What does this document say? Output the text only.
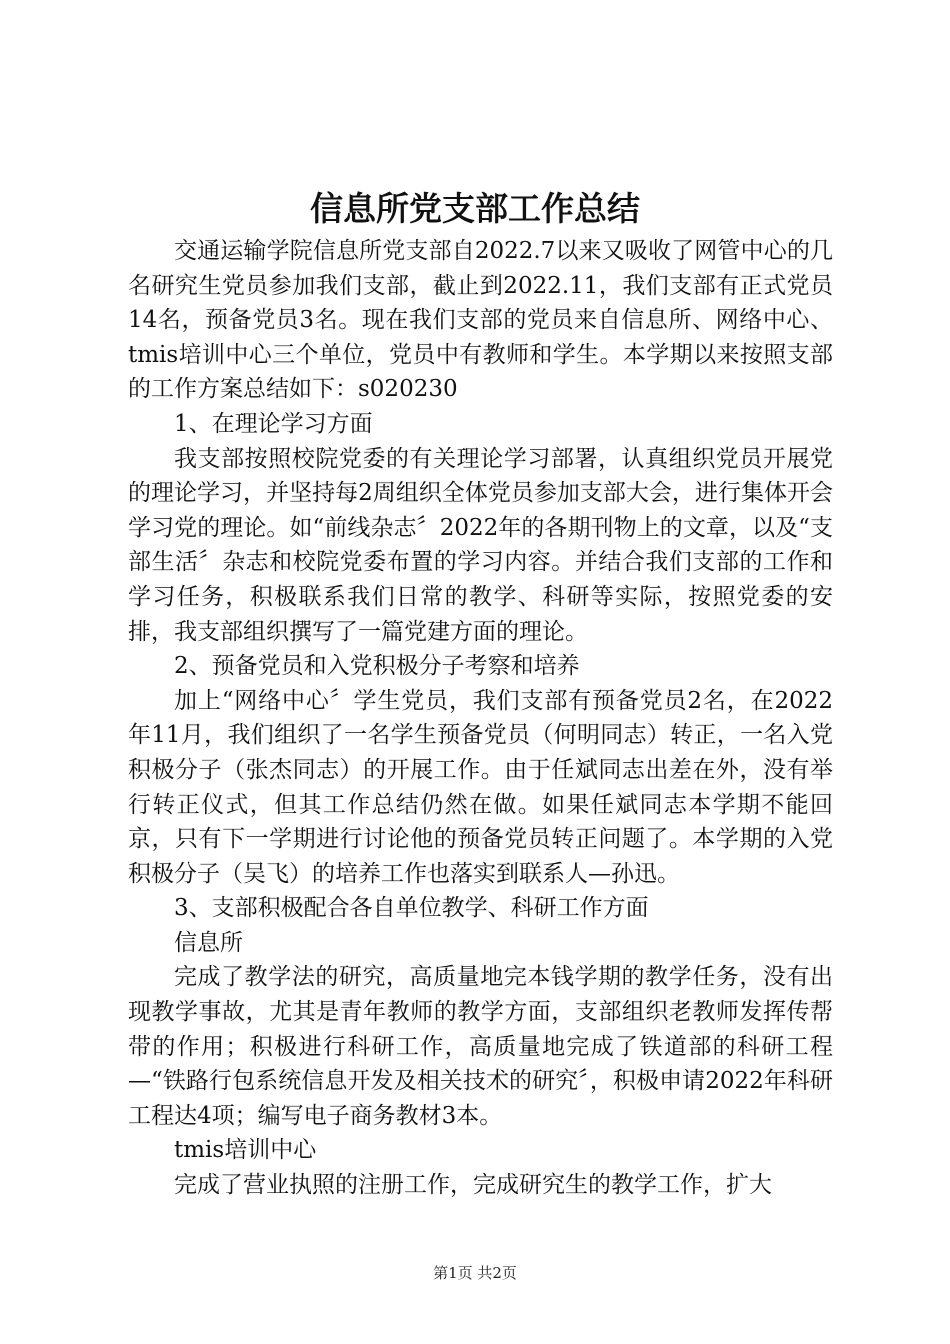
信息所党支部工作总结

交通运输学院信息所党支部自2022.7以来又吸收了网管中心的几名研究生党员参加我们支部，截止到2022.11，我们支部有正式党员14名，预备党员3名。现在我们支部的党员来自信息所、网络中心、tmis培训中心三个单位，党员中有教师和学生。本学期以来按照支部的工作方案总结如下：s020230

1、在理论学习方面

我支部按照校院党委的有关理论学习部署，认真组织党员开展党的理论学习，并坚持每2周组织全体党员参加支部大会，进行集体开会学习党的理论。如“前线杂志〞2022年的各期刊物上的文章，以及“支部生活〞杂志和校院党委布置的学习内容。并结合我们支部的工作和学习任务，积极联系我们日常的教学、科研等实际，按照党委的安排，我支部组织撰写了一篇党建方面的理论。

2、预备党员和入党积极分子考察和培养

加上“网络中心〞学生党员，我们支部有预备党员2名，在2022年11月，我们组织了一名学生预备党员（何明同志）转正，一名入党积极分子（张杰同志）的开展工作。由于任斌同志出差在外，没有举行转正仪式，但其工作总结仍然在做。如果任斌同志本学期不能回京，只有下一学期进行讨论他的预备党员转正问题了。本学期的入党积极分子（吴飞）的培养工作也落实到联系人—孙迅。

3、支部积极配合各自单位教学、科研工作方面

信息所

完成了教学法的研究，高质量地完本钱学期的教学任务，没有出现教学事故，尤其是青年教师的教学方面，支部组织老教师发挥传帮带的作用；积极进行科研工作，高质量地完成了铁道部的科研工程—“铁路行包系统信息开发及相关技术的研究〞，积极申请2022年科研工程达4项；编写电子商务教材3本。

tmis培训中心

完成了营业执照的注册工作，完成研究生的教学工作，扩大

第1页 共2页
